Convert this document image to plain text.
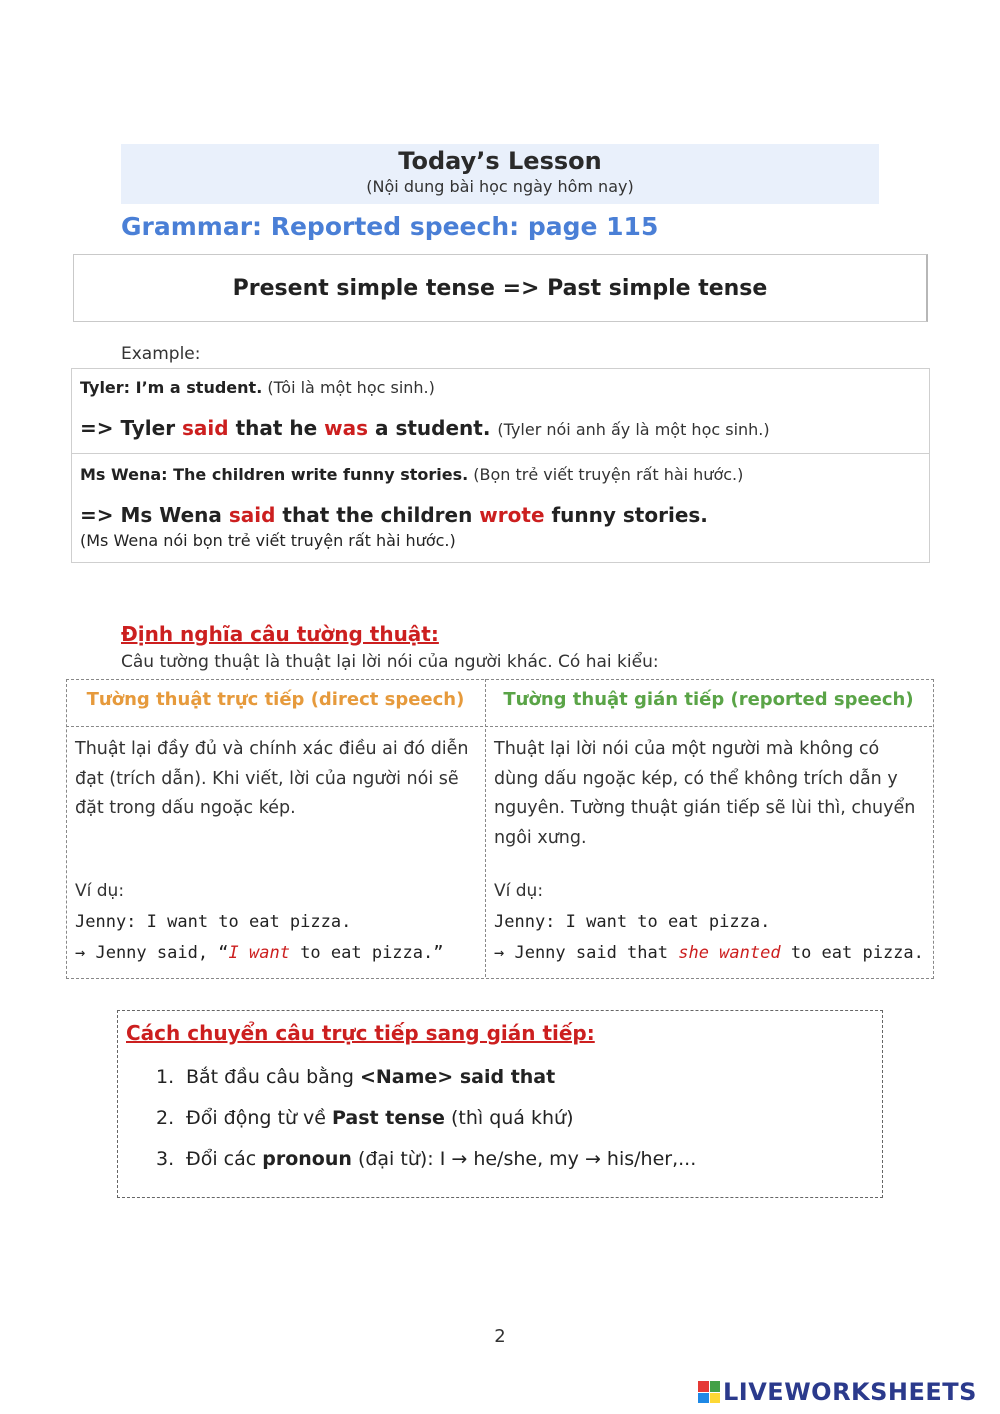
Today’s Lesson
(Nội dung bài học ngày hôm nay)
Grammar: Reported speech: page 115
Present simple tense => Past simple tense
Example:
Tyler: I’m a student. (Tôi là một học sinh.)
=> Tyler said that he was a student. (Tyler nói anh ấy là một học sinh.)
Ms Wena: The children write funny stories. (Bọn trẻ viết truyện rất hài hước.)
=> Ms Wena said that the children wrote funny stories.
(Ms Wena nói bọn trẻ viết truyện rất hài hước.)
Định nghĩa câu tường thuật:
Câu tường thuật là thuật lại lời nói của người khác. Có hai kiểu:
Tường thuật trực tiếp (direct speech)	Tường thuật gián tiếp (reported speech)
Thuật lại đầy đủ và chính xác điều ai đó diễn đạt (trích dẫn). Khi viết, lời của người nói sẽ đặt trong dấu ngoặc kép.
Thuật lại lời nói của một người mà không có dùng dấu ngoặc kép, có thể không trích dẫn y nguyên. Tường thuật gián tiếp sẽ lùi thì, chuyển ngôi xưng.
Ví dụ:
Jenny: I want to eat pizza.
→ Jenny said, “I want to eat pizza.”
Ví dụ:
Jenny: I want to eat pizza.
→ Jenny said that she wanted to eat pizza.
Cách chuyển câu trực tiếp sang gián tiếp:
1. Bắt đầu câu bằng <Name> said that
2. Đổi động từ về Past tense (thì quá khứ)
3. Đổi các pronoun (đại từ): I → he/she, my → his/her,...
2
LIVEWORKSHEETS
